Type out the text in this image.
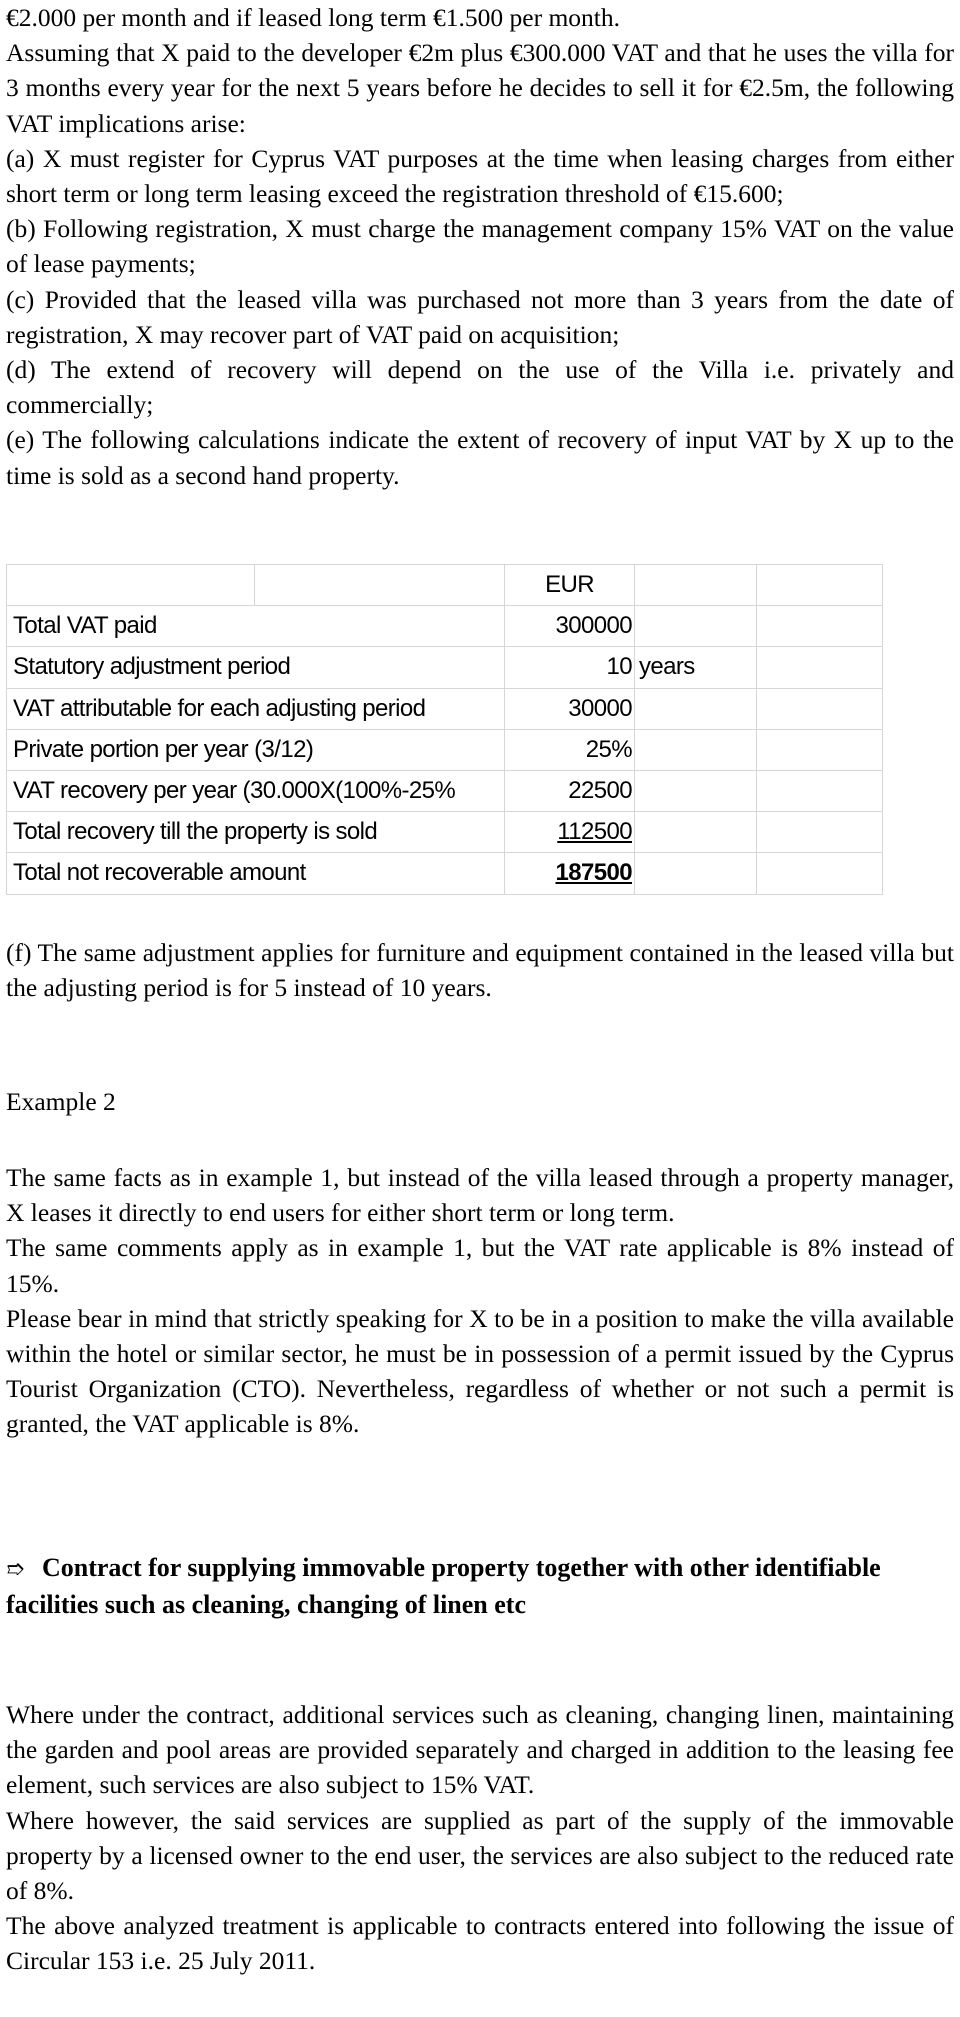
€2.000 per month and if leased long term €1.500 per month.

Assuming that X paid to the developer €2m plus €300.000 VAT and that he uses the villa for 3 months every year for the next 5 years before he decides to sell it for €2.5m, the following VAT implications arise:

(a) X must register for Cyprus VAT purposes at the time when leasing charges from either short term or long term leasing exceed the registration threshold of €15.600;

(b) Following registration, X must charge the management company 15% VAT on the value of lease payments;

(c) Provided that the leased villa was purchased not more than 3 years from the date of registration, X may recover part of VAT paid on acquisition;

(d) The extend of recovery will depend on the use of the Villa i.e. privately and commercially;

(e) The following calculations indicate the extent of recovery of input VAT by X up to the time is sold as a second hand property.

		EUR		
Total VAT paid		300000		
Statutory adjustment period		10	years	
VAT attributable for each adjusting period		30000		
Private portion per year (3/12)		25%		
VAT recovery per year (30.000X(100%-25%		22500		
Total recovery till the property is sold		112500		
Total not recoverable amount		187500		

(f) The same adjustment applies for furniture and equipment contained in the leased villa but the adjusting period is for 5 instead of 10 years.

Example 2

The same facts as in example 1, but instead of the villa leased through a property manager, X leases it directly to end users for either short term or long term.

The same comments apply as in example 1, but the VAT rate applicable is 8% instead of 15%.

Please bear in mind that strictly speaking for X to be in a position to make the villa available within the hotel or similar sector, he must be in possession of a permit issued by the Cyprus Tourist Organization (CTO). Nevertheless, regardless of whether or not such a permit is granted, the VAT applicable is 8%.

➱ Contract for supplying immovable property together with other identifiable facilities such as cleaning, changing of linen etc

Where under the contract, additional services such as cleaning, changing linen, maintaining the garden and pool areas are provided separately and charged in addition to the leasing fee element, such services are also subject to 15% VAT.

Where however, the said services are supplied as part of the supply of the immovable property by a licensed owner to the end user, the services are also subject to the reduced rate of 8%.

The above analyzed treatment is applicable to contracts entered into following the issue of Circular 153 i.e. 25 July 2011.
